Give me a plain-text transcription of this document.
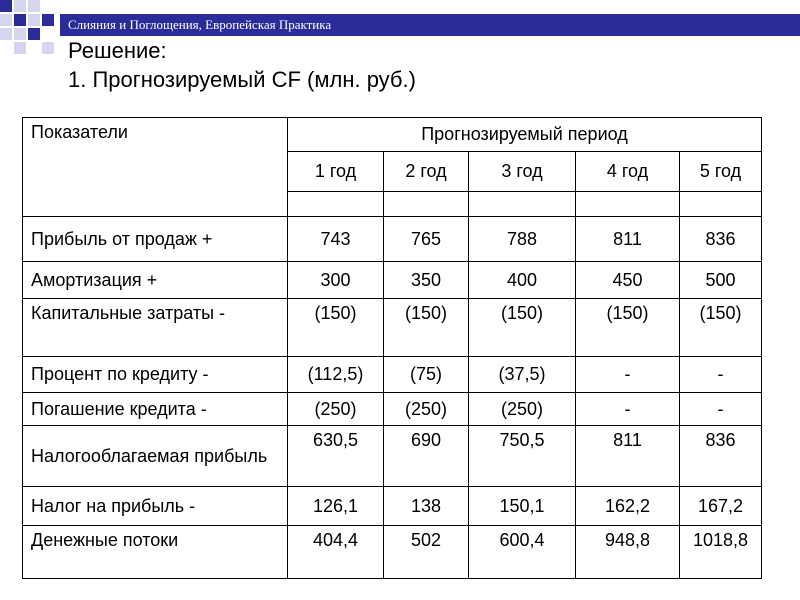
Слияния и Поглощения, Европейская Практика
Решение:
1. Прогнозируемый CF (млн. руб.)
Показатели	Прогнозируемый период				
	1 год	2 год	3 год	4 год	5 год

Прибыль от продаж +	743	765	788	811	836
Амортизация +	300	350	400	450	500
Капитальные затраты -	(150)	(150)	(150)	(150)	(150)
Процент по кредиту -	(112,5)	(75)	(37,5)	-	-
Погашение кредита -	(250)	(250)	(250)	-	-
Налогооблагаемая прибыль	630,5	690	750,5	811	836
Налог на прибыль -	126,1	138	150,1	162,2	167,2
Денежные потоки	404,4	502	600,4	948,8	1018,8
